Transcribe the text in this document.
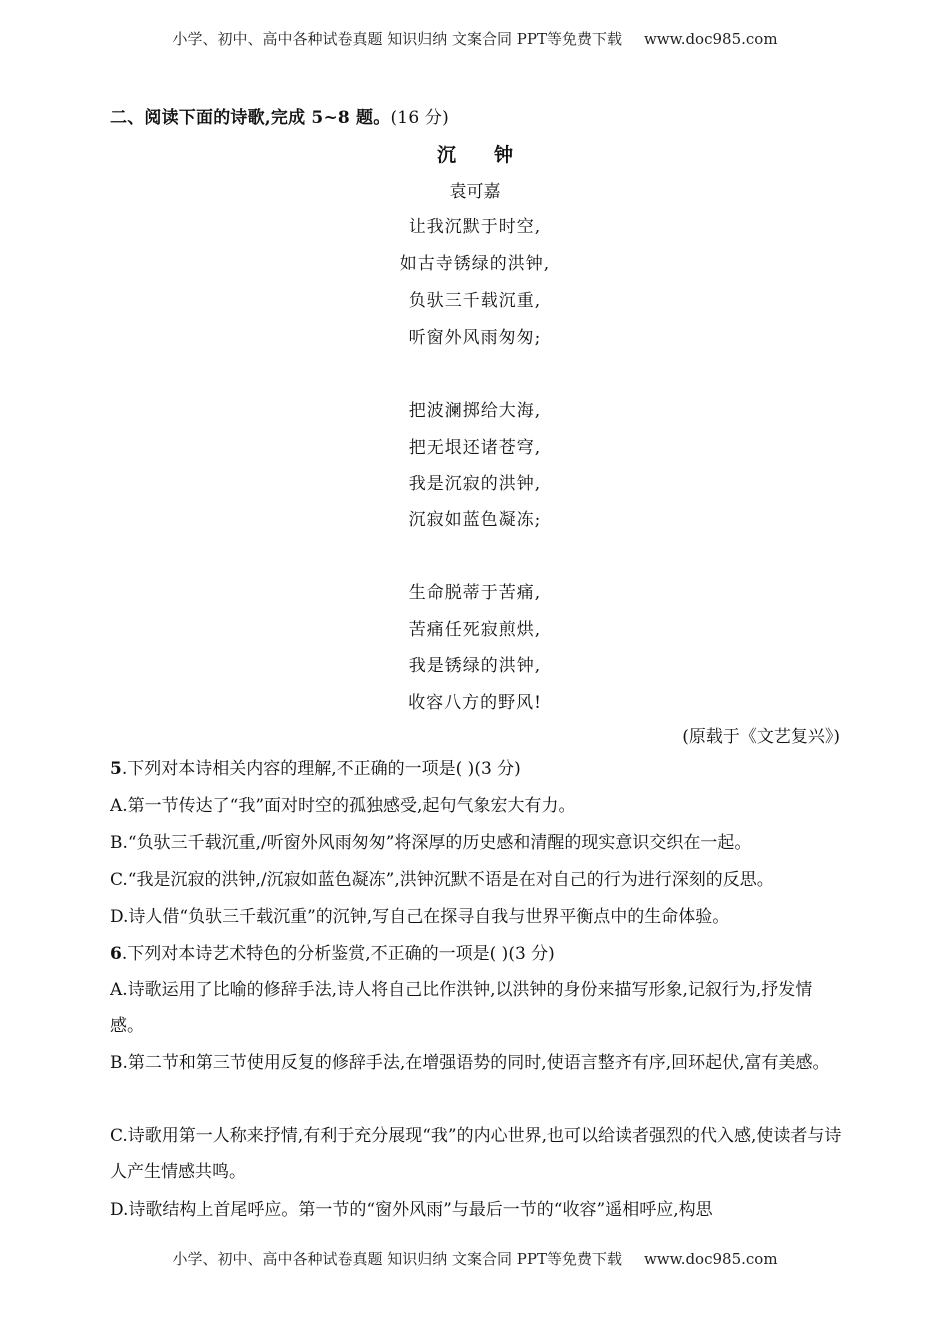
小学、初中、高中各种试卷真题 知识归纳 文案合同 PPT等免费下载 www.doc985.com
二、阅读下面的诗歌,完成 5~8 题。(16 分)
沉钟
袁可嘉
让我沉默于时空,
如古寺锈绿的洪钟,
负驮三千载沉重,
听窗外风雨匆匆;
把波澜掷给大海,
把无垠还诸苍穹,
我是沉寂的洪钟,
沉寂如蓝色凝冻;
生命脱蒂于苦痛,
苦痛任死寂煎烘,
我是锈绿的洪钟,
收容八方的野风!
(原载于《文艺复兴》)
5.下列对本诗相关内容的理解,不正确的一项是( )(3 分)
A.第一节传达了“我”面对时空的孤独感受,起句气象宏大有力。
B.“负驮三千载沉重,/听窗外风雨匆匆”将深厚的历史感和清醒的现实意识交织在一起。
C.“我是沉寂的洪钟,/沉寂如蓝色凝冻”,洪钟沉默不语是在对自己的行为进行深刻的反思。
D.诗人借“负驮三千载沉重”的沉钟,写自己在探寻自我与世界平衡点中的生命体验。
6.下列对本诗艺术特色的分析鉴赏,不正确的一项是( )(3 分)
A.诗歌运用了比喻的修辞手法,诗人将自己比作洪钟,以洪钟的身份来描写形象,记叙行为,抒发情感。
B.第二节和第三节使用反复的修辞手法,在增强语势的同时,使语言整齐有序,回环起伏,富有美感。
C.诗歌用第一人称来抒情,有利于充分展现“我”的内心世界,也可以给读者强烈的代入感,使读者与诗人产生情感共鸣。
D.诗歌结构上首尾呼应。第一节的“窗外风雨”与最后一节的“收容”遥相呼应,构思
小学、初中、高中各种试卷真题 知识归纳 文案合同 PPT等免费下载 www.doc985.com
